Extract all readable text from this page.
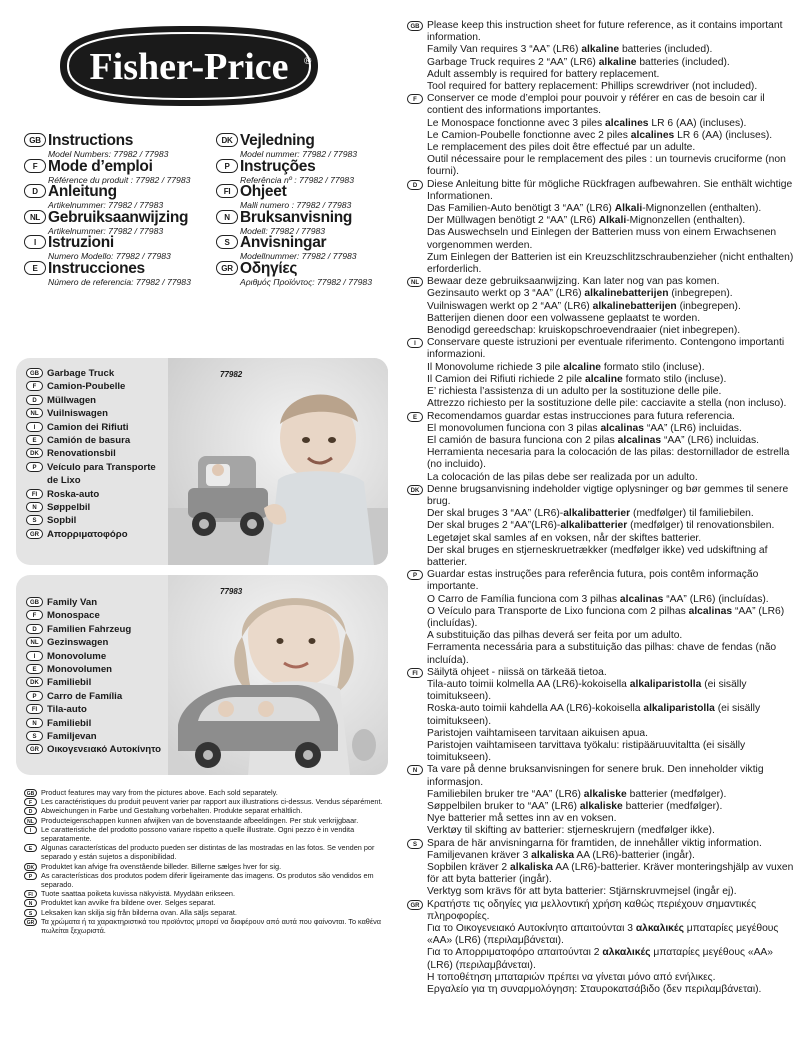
Fisher-Price ®
GB Instructions
Model Numbers: 77982 / 77983
F Mode d’emploi
Référence du produit : 77982 / 77983
D Anleitung
Artikelnummer: 77982 / 77983
NL Gebruiksaanwijzing
Artikelnummer: 77982 / 77983
I Istruzioni
Numero Modello: 77982 / 77983
E Instrucciones
Número de referencia: 77982 / 77983
DK Vejledning
Model nummer: 77982 / 77983
P Instruções
Referência nº : 77982 / 77983
FI Ohjeet
Malli numero : 77982 / 77983
N Bruksanvisning
Modell: 77982 / 77983
S Anvisningar
Modellnummer: 77982 / 77983
GR Οδηγίες
Αριθμός Προϊόντος: 77982 / 77983
77982
GB Garbage Truck
F Camion-Poubelle
D Müllwagen
NL Vuilniswagen
I Camion dei Rifiuti
E Camión de basura
DK Renovationsbil
P Veículo para Transporte
de Lixo
FI Roska-auto
N Søppelbil
S Sopbil
GR Απορριματοφόρο
77983
GB Family Van
F Monospace
D Familien Fahrzeug
NL Gezinswagen
I Monovolume
E Monovolumen
DK Familiebil
P Carro de Família
FI Tila-auto
N Familiebil
S Familjevan
GR Οικογενειακό Αυτοκίνητο
GB Product features may vary from the pictures above. Each sold separately.
F	Les caractéristiques du produit peuvent varier par rapport aux illustrations ci-dessus. Vendus séparément.
D	Abweichungen in Farbe und Gestaltung vorbehalten. Produkte separat erhältlich.
NL Producteigenschappen kunnen afwijken van de bovenstaande afbeeldingen. Per stuk verkrijgbaar.
I	Le caratteristiche del prodotto possono variare rispetto a quelle illustrate. Ogni pezzo è in vendita separatamente.
E	Algunas características del producto pueden ser distintas de las mostradas en las fotos. Se venden por separado y están sujetos a disponibilidad.
DK Produktet kan afvige fra ovenstående billeder. Billerne sælges hver for sig.
P	As características dos produtos podem diferir ligeiramente das imagens. Os produtos são vendidos em separado.
FI	Tuote saattaa poiketa kuvissa näkyvistä. Myydään erikseen.
N	Produktet kan avvike fra bildene over. Selges separat.
S	Leksaken kan skilja sig från bilderna ovan. Alla säljs separat.
GR Τα χρώματα ή τα χαρακτηριστικά του προϊόντος μπορεί να διαφέρουν από αυτά που φαίνονται. Το καθένα πωλείται ξεχωριστά.
GB Please keep this instruction sheet for future reference, as it contains important information.
Family Van requires 3 “AA” (LR6) alkaline batteries (included).
Garbage Truck requires 2 “AA” (LR6) alkaline batteries (included).
Adult assembly is required for battery replacement.
Tool required for battery replacement: Phillips screwdriver (not included).
F Conserver ce mode d’emploi pour pouvoir y référer en cas de besoin car il contient des informations importantes.
Le Monospace fonctionne avec 3 piles alcalines LR 6 (AA) (incluses).
Le Camion-Poubelle fonctionne avec 2 piles alcalines LR 6 (AA) (incluses).
Le remplacement des piles doit être effectué par un adulte.
Outil nécessaire pour le remplacement des piles : un tournevis cruciforme (non fourni).
D Diese Anleitung bitte für mögliche Rückfragen aufbewahren. Sie enthält wichtige Informationen.
Das Familien-Auto benötigt 3 “AA” (LR6) Alkali-Mignonzellen (enthalten).
Der Müllwagen benötigt 2 “AA” (LR6) Alkali-Mignonzellen (enthalten).
Das Auswechseln und Einlegen der Batterien muss von einem Erwachsenen vorgenommen werden.
Zum Einlegen der Batterien ist ein Kreuzschlitzschraubenzieher (nicht enthalten) erforderlich.
NL Bewaar deze gebruiksaanwijzing. Kan later nog van pas komen.
Gezinsauto werkt op 3 “AA” (LR6) alkalinebatterijen (inbegrepen).
Vuilniswagen werkt op 2 “AA” (LR6) alkalinebatterijen (inbegrepen).
Batterijen dienen door een volwassene geplaatst te worden.
Benodigd gereedschap: kruiskopschroevendraaier (niet inbegrepen).
I	Conservare queste istruzioni per eventuale riferimento. Contengono importanti informazioni.
Il Monovolume richiede 3 pile alcaline formato stilo (incluse).
Il Camion dei Rifiuti richiede 2 pile alcaline formato stilo (incluse).
E’ richiesta l’assistenza di un adulto per la sostituzione delle pile.
Attrezzo richiesto per la sostituzione delle pile: cacciavite a stella (non incluso).
E Recomendamos guardar estas instrucciones para futura referencia.
El monovolumen funciona con 3 pilas alcalinas “AA” (LR6) incluidas.
El camión de basura funciona con 2 pilas alcalinas “AA” (LR6) incluidas.
Herramienta necesaria para la colocación de las pilas: destornillador de estrella (no incluido).
La colocación de las pilas debe ser realizada por un adulto.
DK Denne brugsanvisning indeholder vigtige oplysninger og bør gemmes til senere brug.
Der skal bruges 3 “AA” (LR6)-alkalibatterier (medfølger) til familiebilen.
Der skal bruges 2 “AA”(LR6)-alkalibatterier (medfølger) til renovationsbilen.
Legetøjet skal samles af en voksen, når der skiftes batterier.
Der skal bruges en stjerneskruetrækker (medfølger ikke) ved udskiftning af batterier.
P Guardar estas instruções para referência futura, pois contêm informação importante.
O Carro de Família funciona com 3 pilhas alcalinas “AA” (LR6) (incluídas).
O Veículo para Transporte de Lixo funciona com 2 pilhas alcalinas “AA” (LR6) (incluídas).
A substituição das pilhas deverá ser feita por um adulto.
Ferramenta necessária para a substituição das pilhas: chave de fendas (não incluída).
FI Säilytä ohjeet - niissä on tärkeää tietoa.
Tila-auto toimii kolmella AA (LR6)-kokoisella alkaliparistolla (ei sisälly toimitukseen).
Roska-auto toimii kahdella AA (LR6)-kokoisella alkaliparistolla (ei sisälly toimitukseen).
Paristojen vaihtamiseen tarvitaan aikuisen apua.
Paristojen vaihtamiseen tarvittava työkalu: ristipääruuvitaltta (ei sisälly toimitukseen).
N Ta vare på denne bruksanvisningen for senere bruk. Den inneholder viktig informasjon.
Familiebilen bruker tre “AA” (LR6) alkaliske batterier (medfølger).
Søppelbilen bruker to “AA” (LR6) alkaliske batterier (medfølger).
Nye batterier må settes inn av en voksen.
Verktøy til skifting av batterier: stjerneskrujern (medfølger ikke).
S Spara de här anvisningarna för framtiden, de innehåller viktig information.
Familjevanen kräver 3 alkaliska AA (LR6)-batterier (ingår).
Sopbilen kräver 2 alkaliska AA (LR6)-batterier. Kräver monteringshjälp av vuxen för att byta batterier (ingår).
Verktyg som krävs för att byta batterier: Stjärnskruvmejsel (ingår ej).
GR Κρατήστε τις οδηγίες για μελλοντική χρήση καθώς περιέχουν σημαντικές πληροφορίες.
Για το Οικογενειακό Αυτοκίνητο απαιτούνται 3 αλκαλικές μπαταρίες μεγέθους «AA» (LR6) (περιλαμβάνεται).
Για το Απορριματοφόρο απαιτούνται 2 αλκαλικές μπαταρίες μεγέθους «AA» (LR6) (περιλαμβάνεται).
Η τοποθέτηση μπαταριών πρέπει να γίνεται μόνο από ενήλικες.
Εργαλείο για τη συναρμολόγηση: Σταυροκατσάβιδο (δεν περιλαμβάνεται).
